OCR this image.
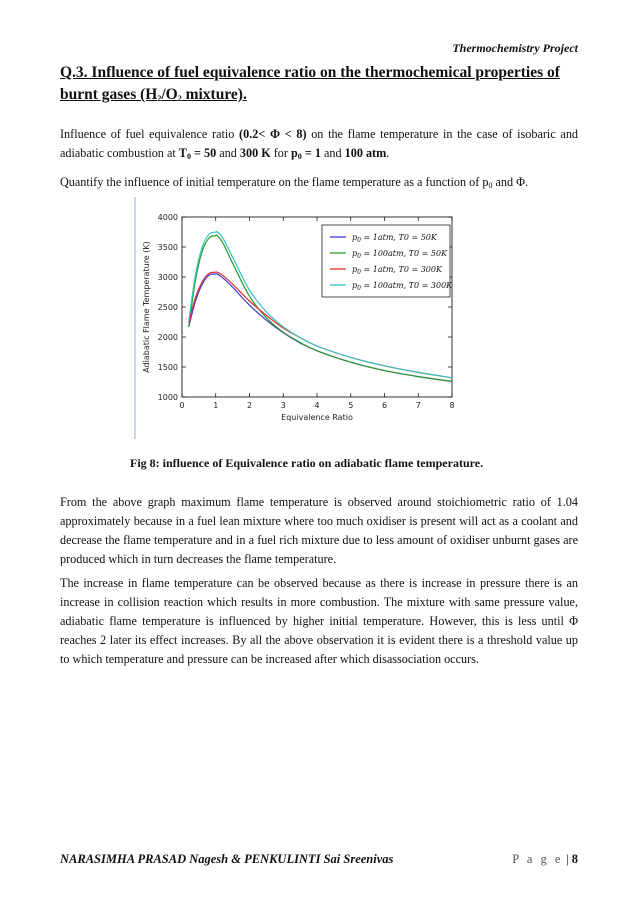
Thermochemistry Project
Q.3. Influence of fuel equivalence ratio on the thermochemical properties of
burnt gases ($H_2/O_2$ mixture).
Influence of fuel equivalence ratio (0.2< Φ < 8) on the flame temperature in the case of isobaric and adiabatic combustion at $T_0 = 50$ and 300 K for $p_0 = 1$ and 100 atm.
Quantify the influence of initial temperature on the flame temperature as a function of $p_0$ and Φ.
0	1	2	3	4	5	6	7	8
1000
1500
2000
2500
3000
3500
4000
Equivalence Ratio
Adiabatic Flame Temperature (K)
$p_0 = 1atm$, T0 = 50K
$p_0 = 100atm$, T0 = 50K
$p_0 = 1atm$, T0 = 300K
$p_0 = 100atm$, T0 = 300K
Fig 8: influence of Equivalence ratio on adiabatic flame temperature.
From the above graph maximum flame temperature is observed around stoichiometric ratio of 1.04 approximately because in a fuel lean mixture where too much oxidiser is present will act as a coolant and decrease the flame temperature and in a fuel rich mixture due to less amount of oxidiser unburnt gases are produced which in turn decreases the flame temperature.
The increase in flame temperature can be observed because as there is increase in pressure there is an increase in collision reaction which results in more combustion. The mixture with same pressure value, adiabatic flame temperature is influenced by higher initial temperature. However, this is less until Φ reaches 2 later its effect increases. By all the above observation it is evident there is a threshold value up to which temperature and pressure can be increased after which disassociation occurs.
NARASIMHA PRASAD Nagesh & PENKULINTI Sai Sreenivas	P a g e | 8
